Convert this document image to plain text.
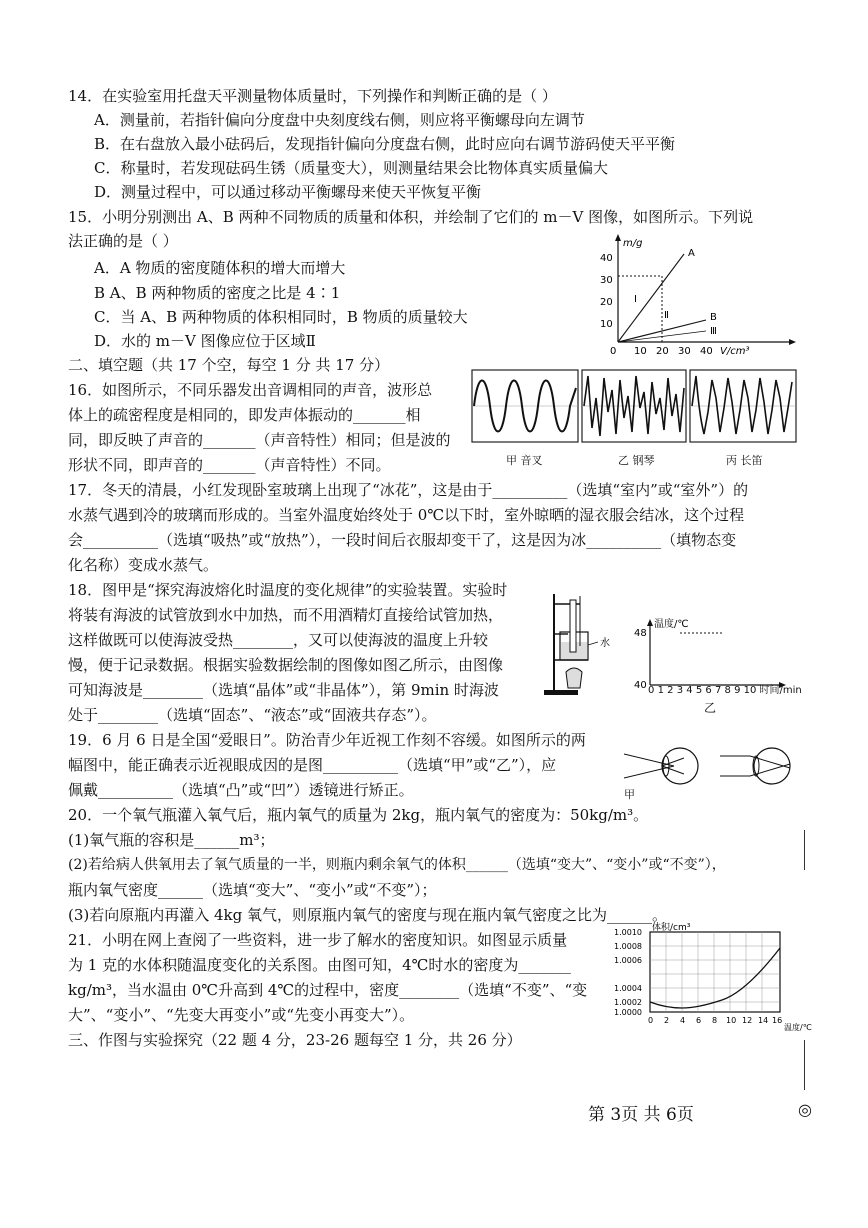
14．在实验室用托盘天平测量物体质量时，下列操作和判断正确的是（ ）
A．测量前，若指针偏向分度盘中央刻度线右侧，则应将平衡螺母向左调节
B．在右盘放入最小砝码后，发现指针偏向分度盘右侧，此时应向右调节游码使天平平衡
C．称量时，若发现砝码生锈（质量变大），则测量结果会比物体真实质量偏大
D．测量过程中，可以通过移动平衡螺母来使天平恢复平衡
15．小明分别测出 A、B 两种不同物质的质量和体积，并绘制了它们的 m－V 图像，如图所示。下列说
法正确的是（ ）
A．A 物质的密度随体积的增大而增大
B A、B 两种物质的密度之比是 4∶1
C．当 A、B 两种物质的体积相同时，B 物质的质量较大
D．水的 m－V 图像应位于区域Ⅱ
m/g
40
30
20
10
0 10 20 30 40 V/cm³
A
B
Ⅰ
Ⅱ
Ⅲ
二、填空题（共 17 个空，每空 1 分 共 17 分）
16．如图所示，不同乐器发出音调相同的声音，波形总
体上的疏密程度是相同的，即发声体振动的_______相
同，即反映了声音的_______（声音特性）相同；但是波的
形状不同，即声音的_______（声音特性）不同。	甲 音叉	乙 钢琴	丙 长笛
17．冬天的清晨，小红发现卧室玻璃上出现了“冰花”，这是由于__________（选填“室内”或“室外”）的
水蒸气遇到冷的玻璃而形成的。当室外温度始终处于 0℃以下时，室外晾晒的湿衣服会结冰，这个过程
会__________（选填“吸热”或“放热”），一段时间后衣服却变干了，这是因为冰__________（填物态变
化名称）变成水蒸气。
18．图甲是“探究海波熔化时温度的变化规律”的实验装置。实验时
将装有海波的试管放到水中加热，而不用酒精灯直接给试管加热，
这样做既可以使海波受热________，又可以使海波的温度上升较
慢，便于记录数据。根据实验数据绘制的图像如图乙所示，由图像
可知海波是________（选填“晶体”或“非晶体”），第 9min 时海波
处于________（选填“固态”、“液态”或“固液共存态”）。
水
温度/℃
48
40 0 1 2 3 4 5 6 7 8 9 10 时间/min
乙
19．6 月 6 日是全国“爱眼日”。防治青少年近视工作刻不容缓。如图所示的两
幅图中，能正确表示近视眼成因的是图__________（选填“甲”或“乙”），应
佩戴__________（选填“凸”或“凹”）透镜进行矫正。	甲
20．一个氧气瓶灌入氧气后，瓶内氧气的质量为 2kg，瓶内氧气的密度为：50kg/m³。
(1)氧气瓶的容积是______m³；
(2)若给病人供氧用去了氧气质量的一半，则瓶内剩余氧气的体积______（选填“变大”、“变小”或“不变”），
瓶内氧气密度______（选填“变大”、“变小”或“不变”）；
(3)若向原瓶内再灌入 4kg 氧气，则原瓶内氧气的密度与现在瓶内氧气密度之比为______。
21．小明在网上查阅了一些资料，进一步了解水的密度知识。如图显示质量
为 1 克的水体积随温度变化的关系图。由图可知，4℃时水的密度为_______
kg/m³，当水温由 0℃升高到 4℃的过程中，密度________（选填“不变”、“变
大”、“变小”、“先变大再变小”或“先变小再变大”）。
体积/cm³
1.0010
1.0008
1.0006
1.0004
1.0002
1.0000
0 2 4 6 8 10 12 14 16
温度/℃
三、作图与实验探究（22 题 4 分，23-26 题每空 1 分，共 26 分）
第 3页 共 6页	◎
